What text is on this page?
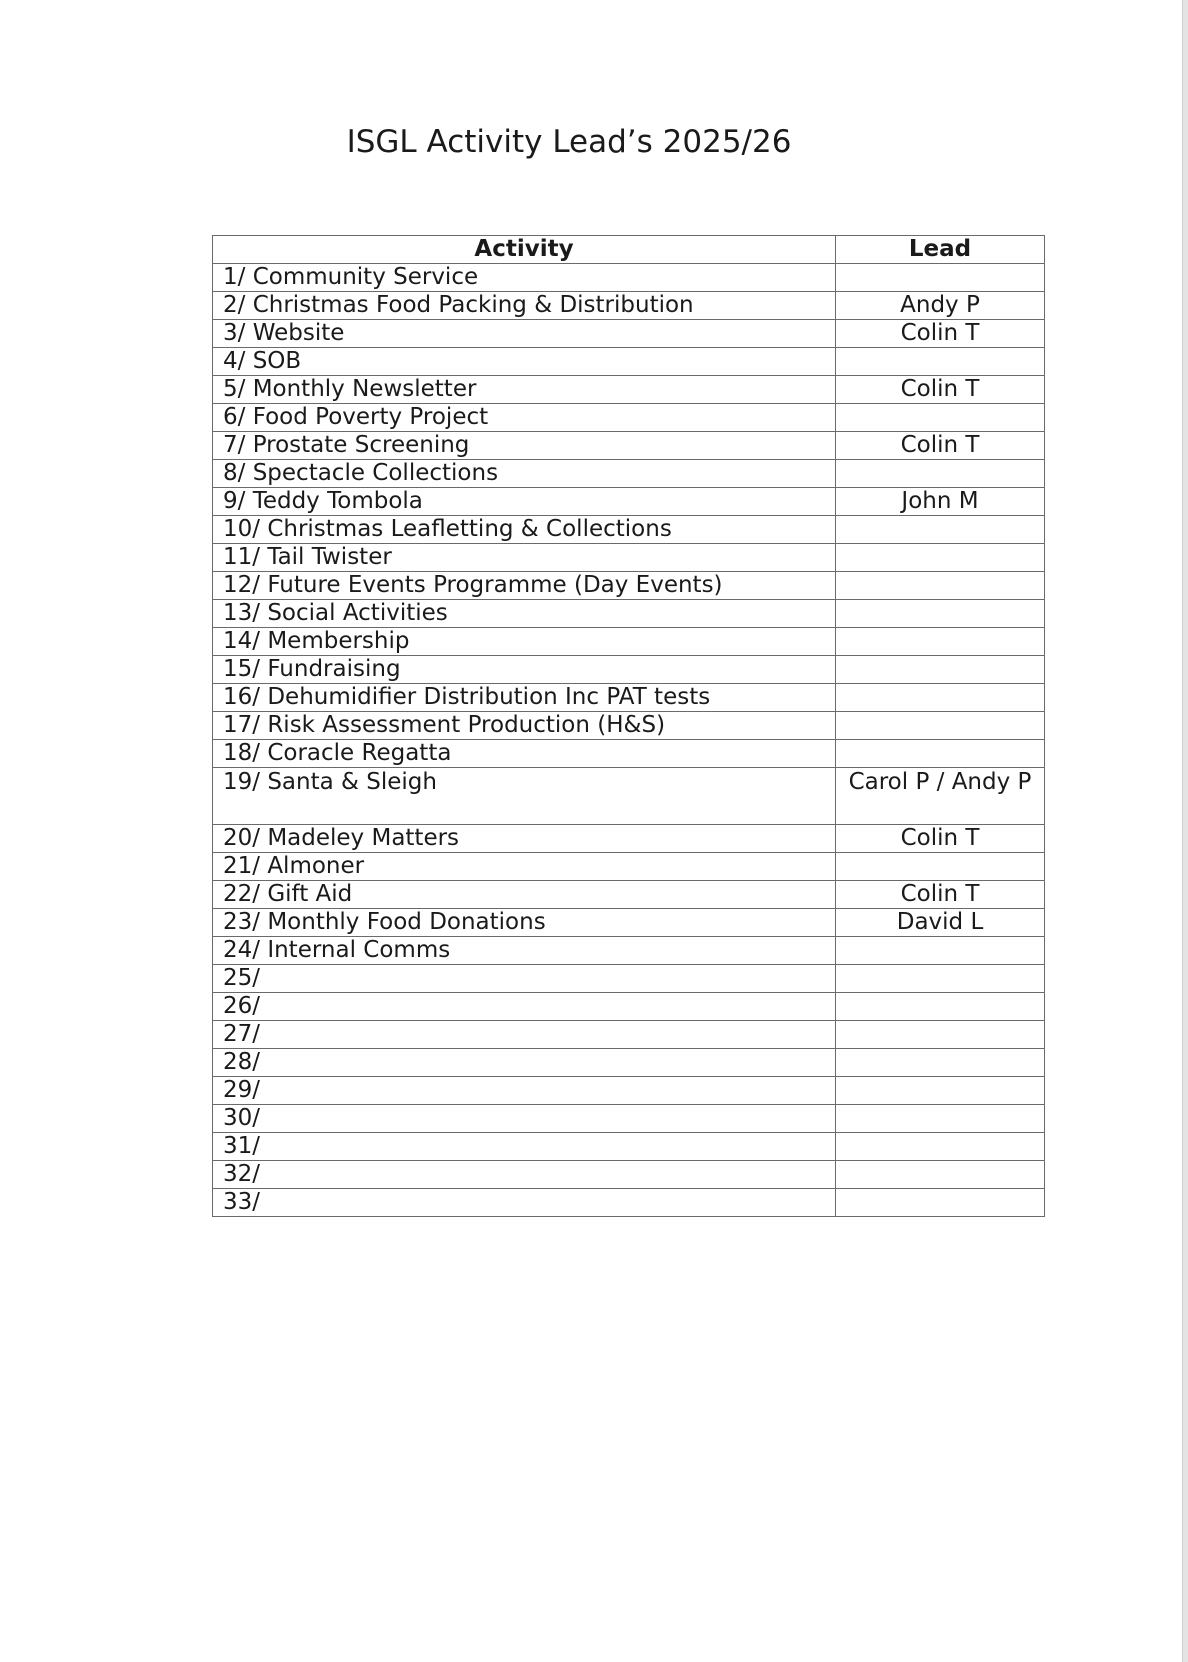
ISGL Activity Lead’s 2025/26
Activity	Lead
1/ Community Service	
2/ Christmas Food Packing & Distribution	Andy P
3/ Website	Colin T
4/ SOB	
5/ Monthly Newsletter	Colin T
6/ Food Poverty Project	
7/ Prostate Screening	Colin T
8/ Spectacle Collections	
9/ Teddy Tombola	John M
10/ Christmas Leafletting & Collections	
11/ Tail Twister	
12/ Future Events Programme (Day Events)	
13/ Social Activities	
14/ Membership	
15/ Fundraising	
16/ Dehumidifier Distribution Inc PAT tests	
17/ Risk Assessment Production (H&S)	
18/ Coracle Regatta	
19/ Santa & Sleigh	Carol P / Andy P
20/ Madeley Matters	Colin T
21/ Almoner	
22/ Gift Aid	Colin T
23/ Monthly Food Donations	David L
24/ Internal Comms	
25/	
26/	
27/	
28/	
29/	
30/	
31/	
32/	
33/	
